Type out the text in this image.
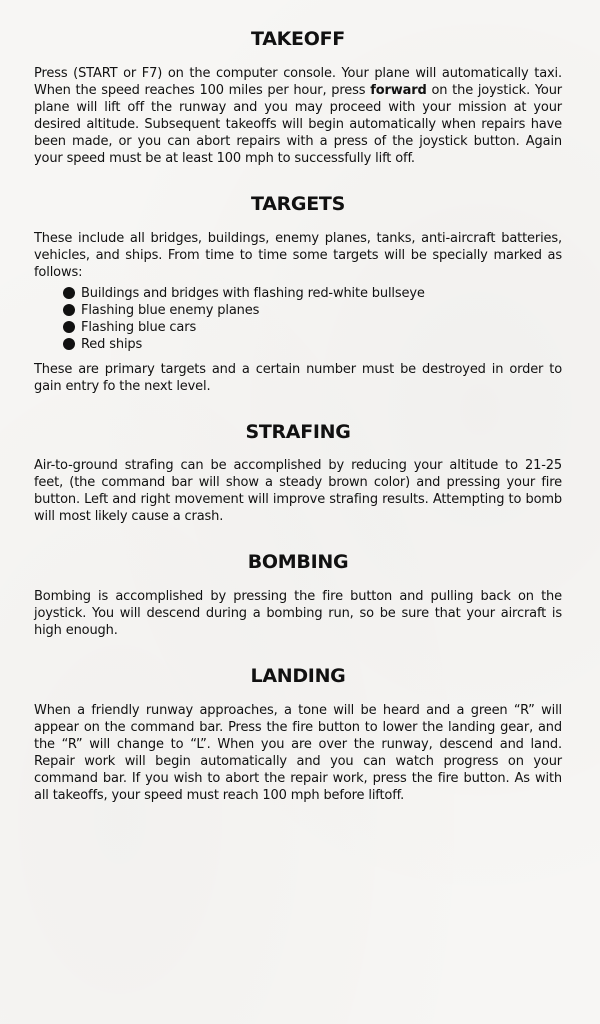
TAKEOFF

Press (START or F7) on the computer console. Your plane will automatically taxi. When the speed reaches 100 miles per hour, press forward on the joystick. Your plane will lift off the runway and you may proceed with your mission at your desired altitude. Subsequent takeoffs will begin automatically when repairs have been made, or you can abort repairs with a press of the joystick button. Again your speed must be at least 100 mph to successfully lift off.

TARGETS

These include all bridges, buildings, enemy planes, tanks, anti-aircraft batteries, vehicles, and ships. From time to time some targets will be specially marked as follows:

Buildings and bridges with flashing red-white bullseye
Flashing blue enemy planes
Flashing blue cars
Red ships

These are primary targets and a certain number must be destroyed in order to gain entry fo the next level.

STRAFING

Air-to-ground strafing can be accomplished by reducing your altitude to 21-25 feet, (the command bar will show a steady brown color) and pressing your fire button. Left and right movement will improve strafing results. Attempting to bomb will most likely cause a crash.

BOMBING

Bombing is accomplished by pressing the fire button and pulling back on the joystick. You will descend during a bombing run, so be sure that your aircraft is high enough.

LANDING

When a friendly runway approaches, a tone will be heard and a green “R” will appear on the command bar. Press the fire button to lower the landing gear, and the “R” will change to “L”. When you are over the runway, descend and land. Repair work will begin automatically and you can watch progress on your command bar. If you wish to abort the repair work, press the fire button. As with all takeoffs, your speed must reach 100 mph before liftoff.
